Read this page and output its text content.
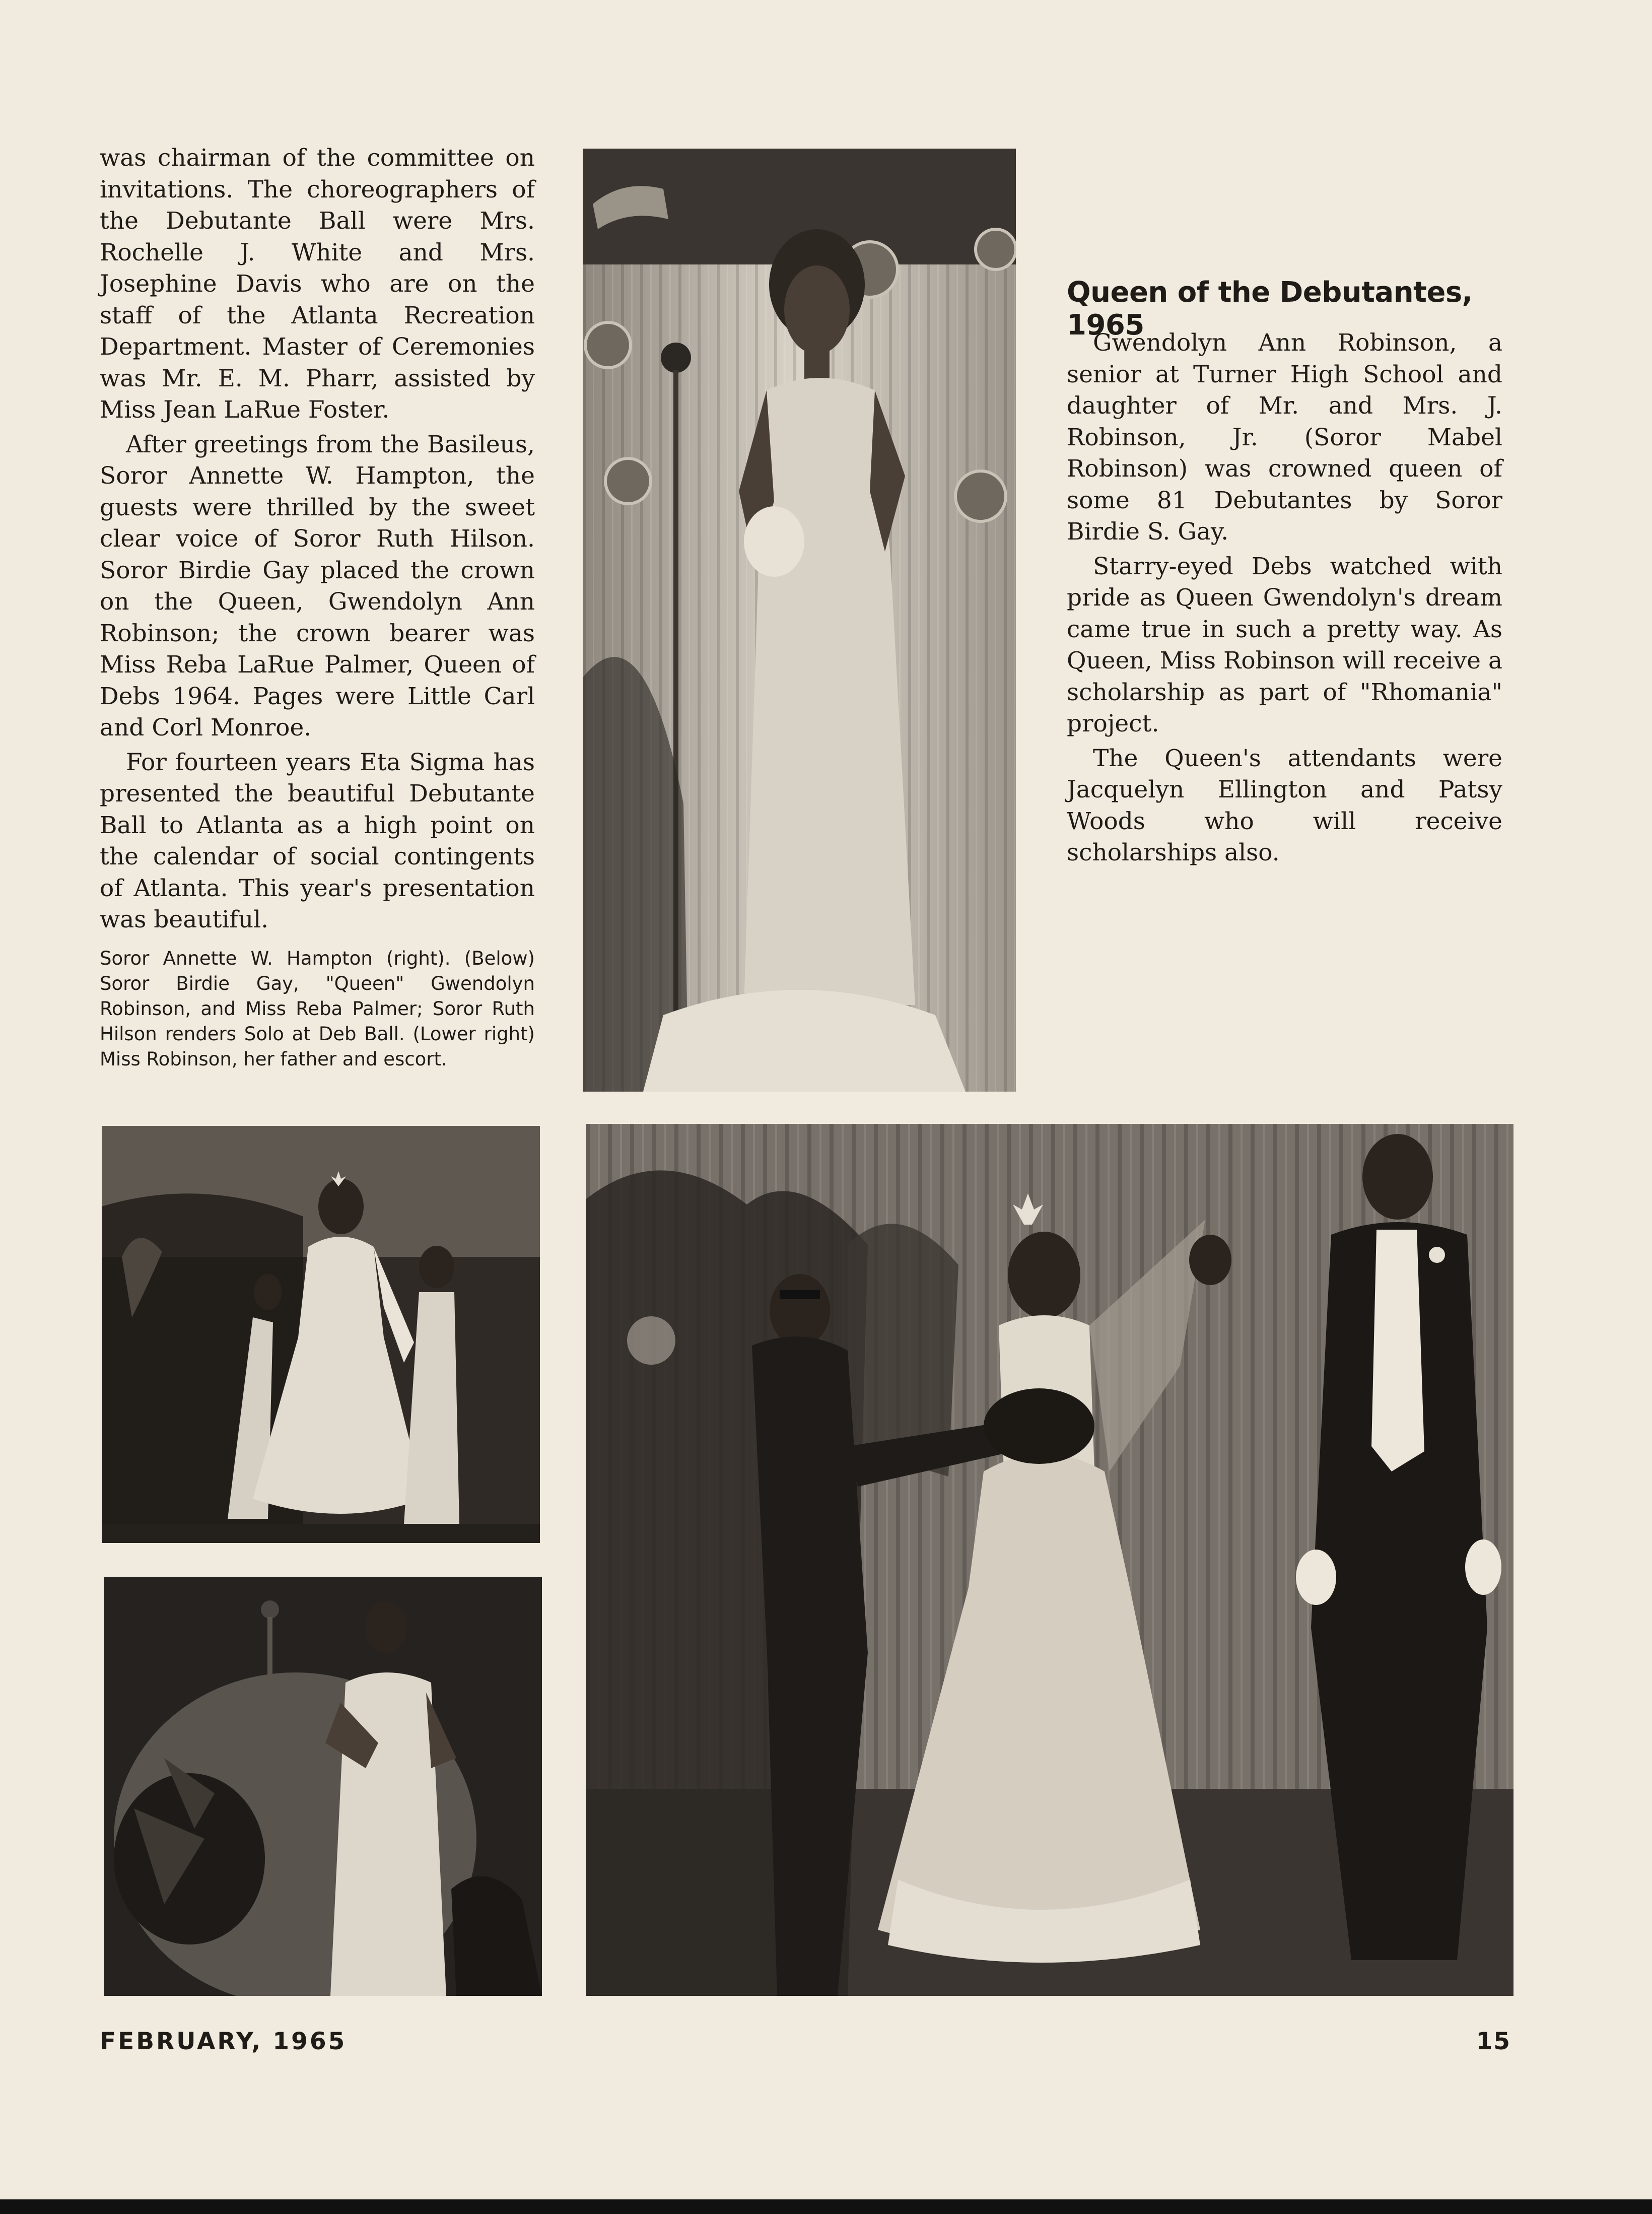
was chairman of the committee on invitations. The choreographers of the Debutante Ball were Mrs. Rochelle J. White and Mrs. Josephine Davis who are on the staff of the Atlanta Recreation Department. Master of Ceremonies was Mr. E. M. Pharr, assisted by Miss Jean LaRue Foster.

After greetings from the Basileus, Soror Annette W. Hampton, the guests were thrilled by the sweet clear voice of Soror Ruth Hilson. Soror Birdie Gay placed the crown on the Queen, Gwendolyn Ann Robinson; the crown bearer was Miss Reba LaRue Palmer, Queen of Debs 1964. Pages were Little Carl and Corl Monroe.

For fourteen years Eta Sigma has presented the beautiful Debutante Ball to Atlanta as a high point on the calendar of social contingents of Atlanta. This year's presentation was beautiful.

Soror Annette W. Hampton (right). (Below) Soror Birdie Gay, "Queen" Gwendolyn Robinson, and Miss Reba Palmer; Soror Ruth Hilson renders Solo at Deb Ball. (Lower right) Miss Robinson, her father and escort.
Queen of the Debutantes, 1965

Gwendolyn Ann Robinson, a senior at Turner High School and daughter of Mr. and Mrs. J. Robinson, Jr. (Soror Mabel Robinson) was crowned queen of some 81 Debutantes by Soror Birdie S. Gay.

Starry-eyed Debs watched with pride as Queen Gwendolyn's dream came true in such a pretty way. As Queen, Miss Robinson will receive a scholarship as part of "Rhomania" project.

The Queen's attendants were Jacquelyn Ellington and Patsy Woods who will receive scholarships also.

FEBRUARY, 1965	15
